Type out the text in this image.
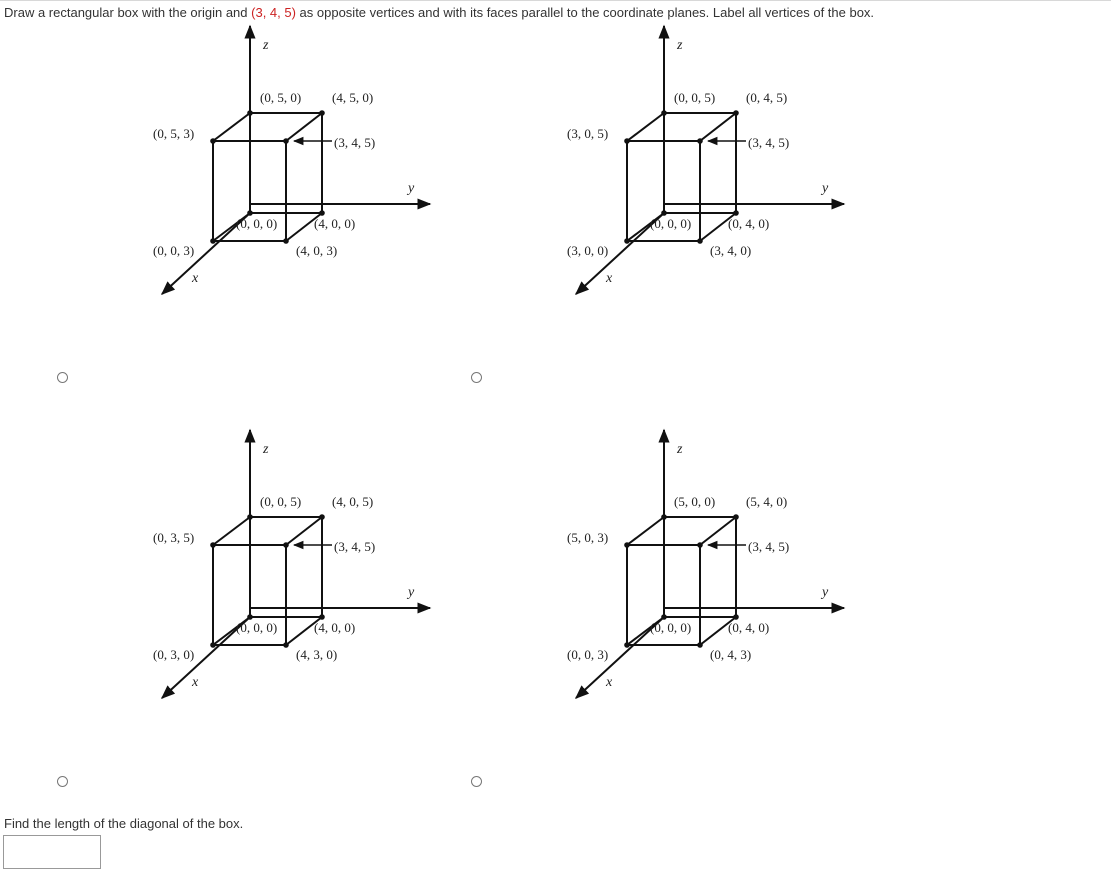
Draw a rectangular box with the origin and (3, 4, 5) as opposite vertices and with its faces parallel to the coordinate planes. Label all vertices of the box.
z
y
x
(0, 5, 0) (4, 5, 0)
(0, 5, 3)
(3, 4, 5)
(0, 0, 0)	(4, 0, 0)
(0, 0, 3)	(4, 0, 3)
z
y
x
(0, 0, 5) (0, 4, 5)
(3, 0, 5)
(3, 4, 5)
(0, 0, 0)	(0, 4, 0)
(3, 0, 0)	(3, 4, 0)
z
y
x
(0, 0, 5) (4, 0, 5)
(0, 3, 5)
(3, 4, 5)
(0, 0, 0)	(4, 0, 0)
(0, 3, 0)	(4, 3, 0)
z
y
x
(5, 0, 0) (5, 4, 0)
(5, 0, 3)
(3, 4, 5)
(0, 0, 0)	(0, 4, 0)
(0, 0, 3)	(0, 4, 3)
Find the length of the diagonal of the box.
